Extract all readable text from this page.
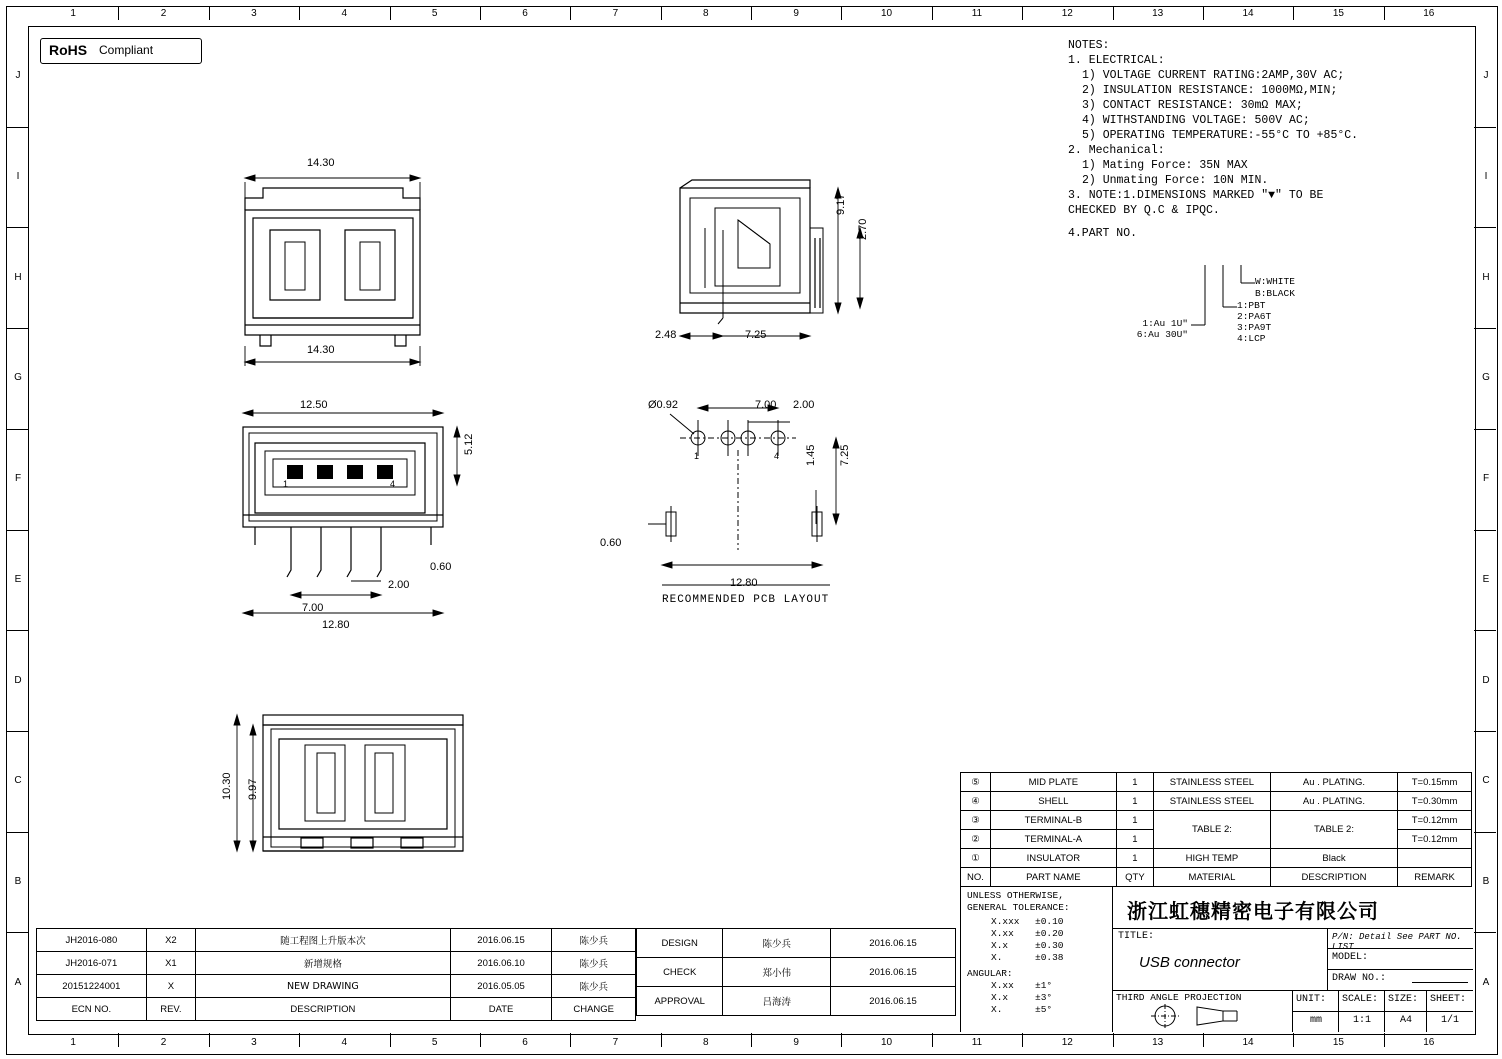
1	2	3	4	5	6	7	8	9	10	11	12	13	14	15	16
1	2	3	4	5	6	7	8	9	10	11	12	13	14	15	16
J
I
H
G
F
E
D
C
B
A
J
I
H
G
F
E
D
C
B
A
RoHS Compliant	NOTES:
1. ELECTRICAL:
1) VOLTAGE CURRENT RATING:2AMP,30V AC;
2) INSULATION RESISTANCE: 1000MΩ,MIN;
3) CONTACT RESISTANCE: 30mΩ MAX;
4) WITHSTANDING VOLTAGE: 500V AC;
5) OPERATING TEMPERATURE:-55°C TO +85°C.
2. Mechanical:
1) Mating Force: 35N MAX
2) Unmating Force: 10N MIN.
3. NOTE:1.DIMENSIONS MARKED "▼" TO BE
CHECKED BY Q.C & IPQC.
4.PART NO.
W:WHITE
B:BLACK
1:PBT
2:PA6T
3:PA9T
4:LCP
1:Au 1U"
6:Au 30U"
14.30
14.30
9.17
2.70
2.48	7.25
12.50
5.12
0.60
2.00
7.00
12.80
1	4
7.00 2.00
Ø0.92
1.45 7.25
0.60
12.80
1	4
RECOMMENDED PCB LAYOUT
10.30 9.97	⑤	MID PLATE	1	STAINLESS STEEL	Au . PLATING.	T=0.15mm
④	SHELL	1	STAINLESS STEEL	Au . PLATING.	T=0.30mm
③	TERMINAL-B	1	TABLE 2:	TABLE 2:	T=0.12mm
②	TERMINAL-A	1			T=0.12mm
①	INSULATOR	1	HIGH TEMP	Black	
NO.	PART NAME	QTY	MATERIAL	DESCRIPTION	REMARK
UNLESS OTHERWISE,
GENERAL TOLERANCE:
X.xxx ±0.10
X.xx ±0.20
X.x	±0.30
X.	±0.38
ANGULAR:
X.xx ±1°
X.x	±3°
X.	±5°
浙江虹穗精密电子有限公司
TITLE:
USB connector
P/N: Detail See PART NO. LIST
MODEL:
DRAW NO.:
THIRD ANGLE PROJECTION	UNIT: SCALE: SIZE: SHEET:
mm	1:1	A4	1/1
JH2016-080	X2	随工程图上升版本次	2016.06.15	陈少兵
JH2016-071	X1	新增规格	2016.06.10	陈少兵
20151224001	X	NEW DRAWING	2016.05.05	陈少兵
ECN NO.	REV.	DESCRIPTION	DATE	CHANGE
DESIGN	陈少兵	2016.06.15
CHECK	郑小伟	2016.06.15
APPROVAL	吕海涛	2016.06.15
